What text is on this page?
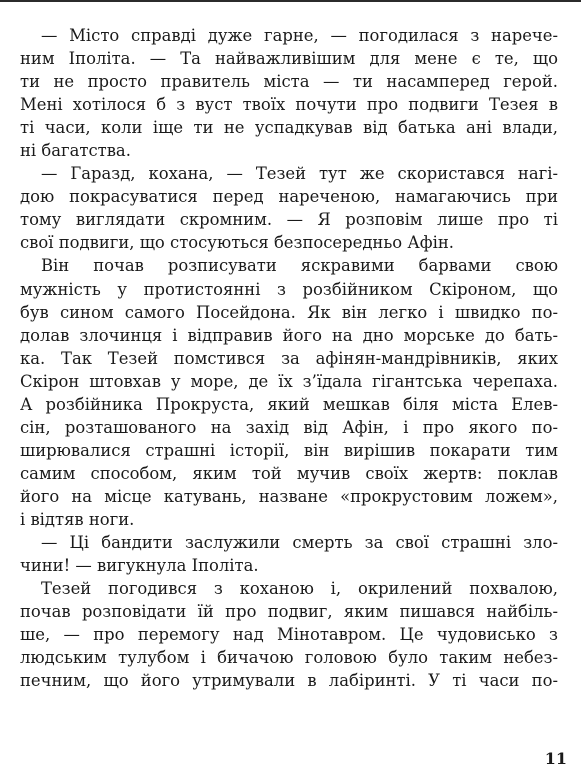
— Місто справді дуже гарне, — погодилася з нарече-
ним Іполіта. — Та найважливішим для мене є те, що
ти не просто правитель міста — ти насамперед герой.
Мені хотілося б з вуст твоїх почути про подвиги Тезея в
ті часи, коли іще ти не успадкував від батька ані влади,
ні багатства.
— Гаразд, кохана, — Тезей тут же скористався нагі-
дою покрасуватися перед нареченою, намагаючись при
тому виглядати скромним. — Я розповім лише про ті
свої подвиги, що стосуються безпосередньо Афін.
Він почав розписувати яскравими барвами свою
мужність у протистоянні з розбійником Скіроном, що
був сином самого Посейдона. Як він легко і швидко по-
долав злочинця і відправив його на дно морське до бать-
ка. Так Тезей помстився за афінян-мандрівників, яких
Скірон штовхав у море, де їх з’їдала гігантська черепаха.
А розбійника Прокруста, який мешкав біля міста Елев-
сін, розташованого на захід від Афін, і про якого по-
ширювалися страшні історії, він вирішив покарати тим
самим способом, яким той мучив своїх жертв: поклав
його на місце катувань, назване «прокрустовим ложем»,
і відтяв ноги.
— Ці бандити заслужили смерть за свої страшні зло-
чини! — вигукнула Іполіта.
Тезей погодився з коханою і, окрилений похвалою,
почав розповідати їй про подвиг, яким пишався найбіль-
ше, — про перемогу над Мінотавром. Це чудовисько з
людським тулубом і бичачою головою було таким небез-
печним, що його утримували в лабіринті. У ті часи по-
11
